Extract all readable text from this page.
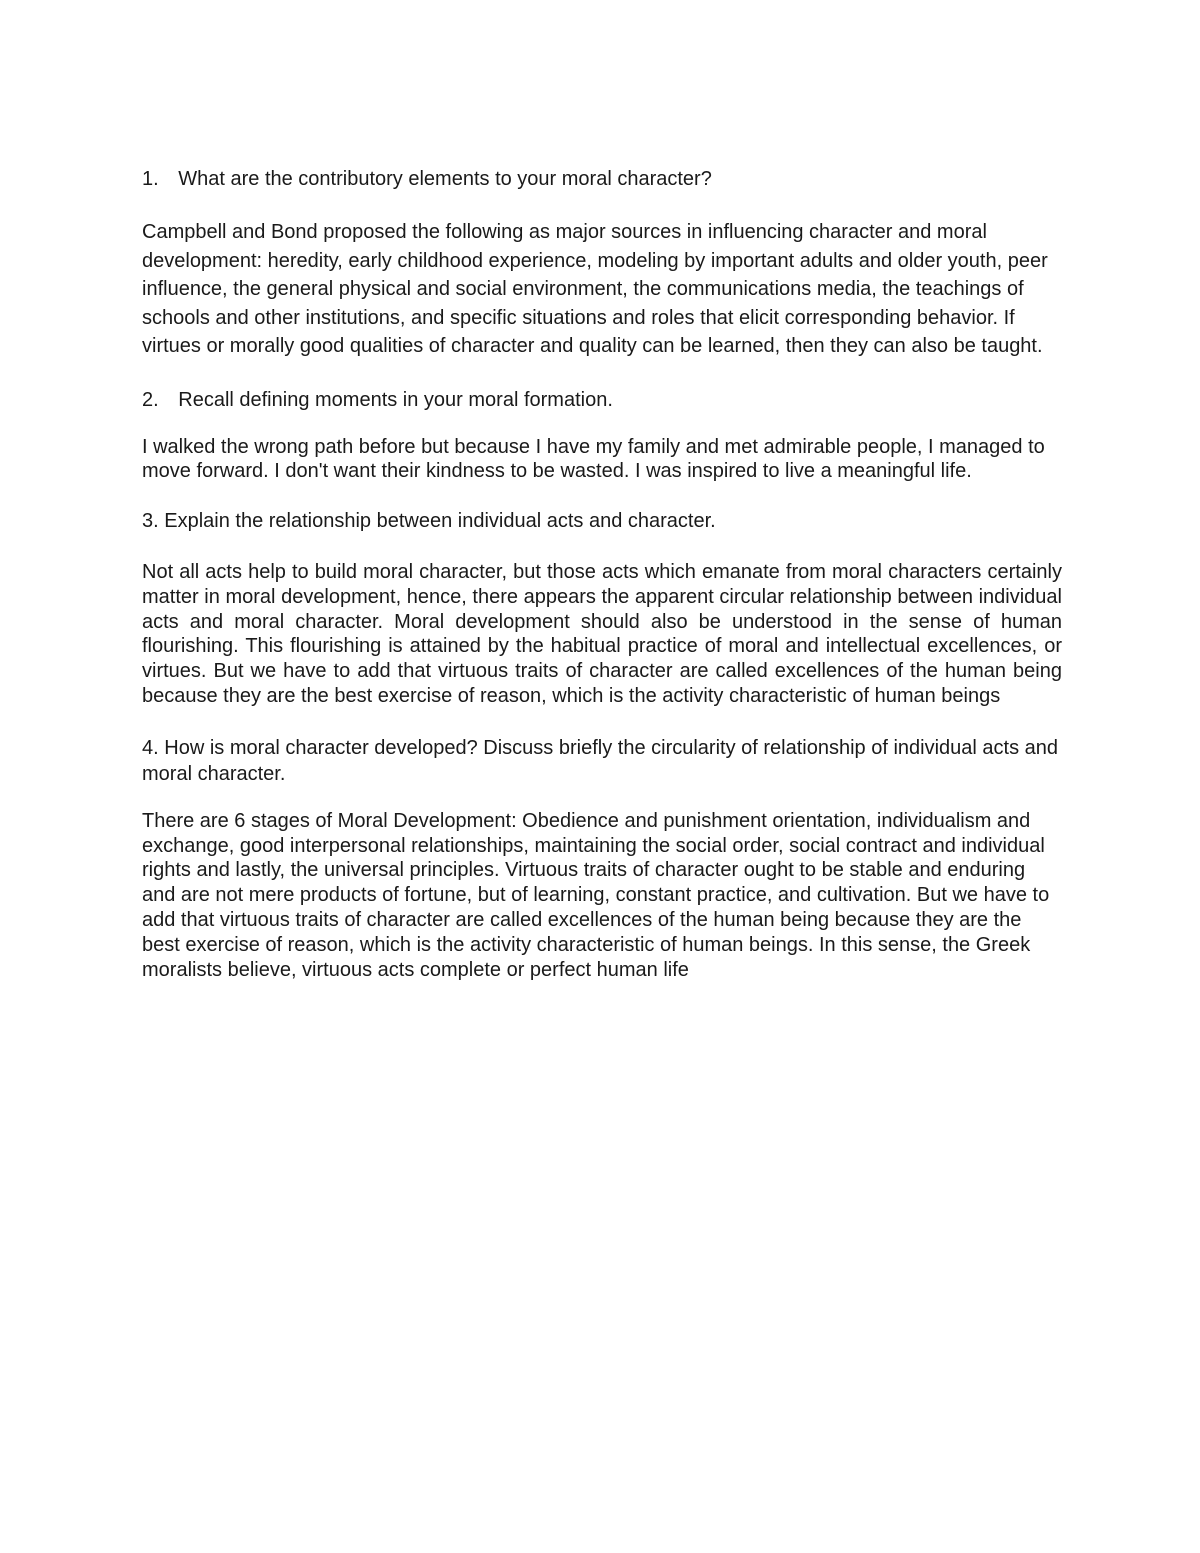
1. What are the contributory elements to your moral character?

Campbell and Bond proposed the following as major sources in influencing character and moral development: heredity, early childhood experience, modeling by important adults and older youth, peer influence, the general physical and social environment, the communications media, the teachings of schools and other institutions, and specific situations and roles that elicit corresponding behavior. If virtues or morally good qualities of character and quality can be learned, then they can also be taught.

2. Recall defining moments in your moral formation.

I walked the wrong path before but because I have my family and met admirable people, I managed to move forward. I don't want their kindness to be wasted. I was inspired to live a meaningful life.

3. Explain the relationship between individual acts and character.

Not all acts help to build moral character, but those acts which emanate from moral characters certainly matter in moral development, hence, there appears the apparent circular relationship between individual acts and moral character. Moral development should also be understood in the sense of human flourishing. This flourishing is attained by the habitual practice of moral and intellectual excellences, or virtues. But we have to add that virtuous traits of character are called excellences of the human being because they are the best exercise of reason, which is the activity characteristic of human beings

4. How is moral character developed? Discuss briefly the circularity of relationship of individual acts and moral character.

There are 6 stages of Moral Development: Obedience and punishment orientation, individualism and exchange, good interpersonal relationships, maintaining the social order, social contract and individual rights and lastly, the universal principles. Virtuous traits of character ought to be stable and enduring and are not mere products of fortune, but of learning, constant practice, and cultivation. But we have to add that virtuous traits of character are called excellences of the human being because they are the best exercise of reason, which is the activity characteristic of human beings. In this sense, the Greek moralists believe, virtuous acts complete or perfect human life
